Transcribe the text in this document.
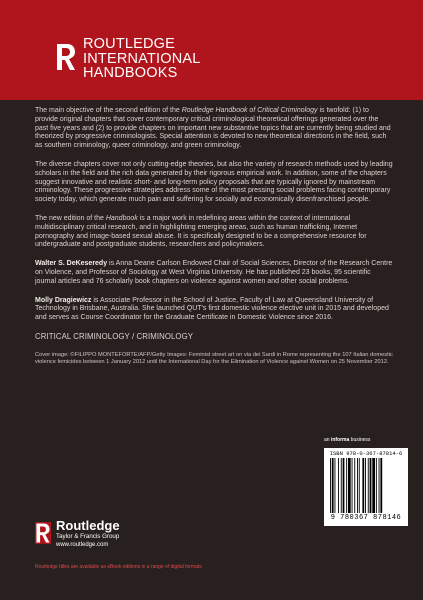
ROUTLEDGE
INTERNATIONAL
HANDBOOKS

The main objective of the second edition of the Routledge Handbook of Critical Criminology is twofold: (1) to provide original chapters that cover contemporary critical criminological theoretical offerings generated over the past five years and (2) to provide chapters on important new substantive topics that are currently being studied and theorized by progressive criminologists. Special attention is devoted to new theoretical directions in the field, such as southern criminology, queer criminology, and green criminology.

The diverse chapters cover not only cutting-edge theories, but also the variety of research methods used by leading scholars in the field and the rich data generated by their rigorous empirical work. In addition, some of the chapters suggest innovative and realistic short- and long-term policy proposals that are typically ignored by mainstream criminology. These progressive strategies address some of the most pressing social problems facing contemporary society today, which generate much pain and suffering for socially and economically disenfranchised people.

The new edition of the Handbook is a major work in redefining areas within the context of international multidisciplinary critical research, and in highlighting emerging areas, such as human trafficking, Internet pornography and image-based sexual abuse. It is specifically designed to be a comprehensive resource for undergraduate and postgraduate students, researchers and policymakers.

Walter S. DeKeseredy is Anna Deane Carlson Endowed Chair of Social Sciences, Director of the Research Centre on Violence, and Professor of Sociology at West Virginia University. He has published 23 books, 95 scientific journal articles and 76 scholarly book chapters on violence against women and other social problems.

Molly Dragiewicz is Associate Professor in the School of Justice, Faculty of Law at Queensland University of Technology in Brisbane, Australia. She launched QUT's first domestic violence elective unit in 2015 and developed and serves as Course Coordinator for the Graduate Certificate in Domestic Violence since 2016.

CRITICAL CRIMINOLOGY / CRIMINOLOGY
Cover image: ©FILIPPO MONTEFORTE/AFP/Getty Images: Feminist street art on via dei Sardi in Rome representing the 107 Italian domestic violence femicides between 1 January 2012 until the International Day for the Elimination of Violence against Women on 25 November 2012.
an informa business
ISBN 978-0-367-87814-6
9 780367 878146
Routledge
Taylor & Francis Group
www.routledge.com
Routledge titles are available as eBook editions in a range of digital formats
